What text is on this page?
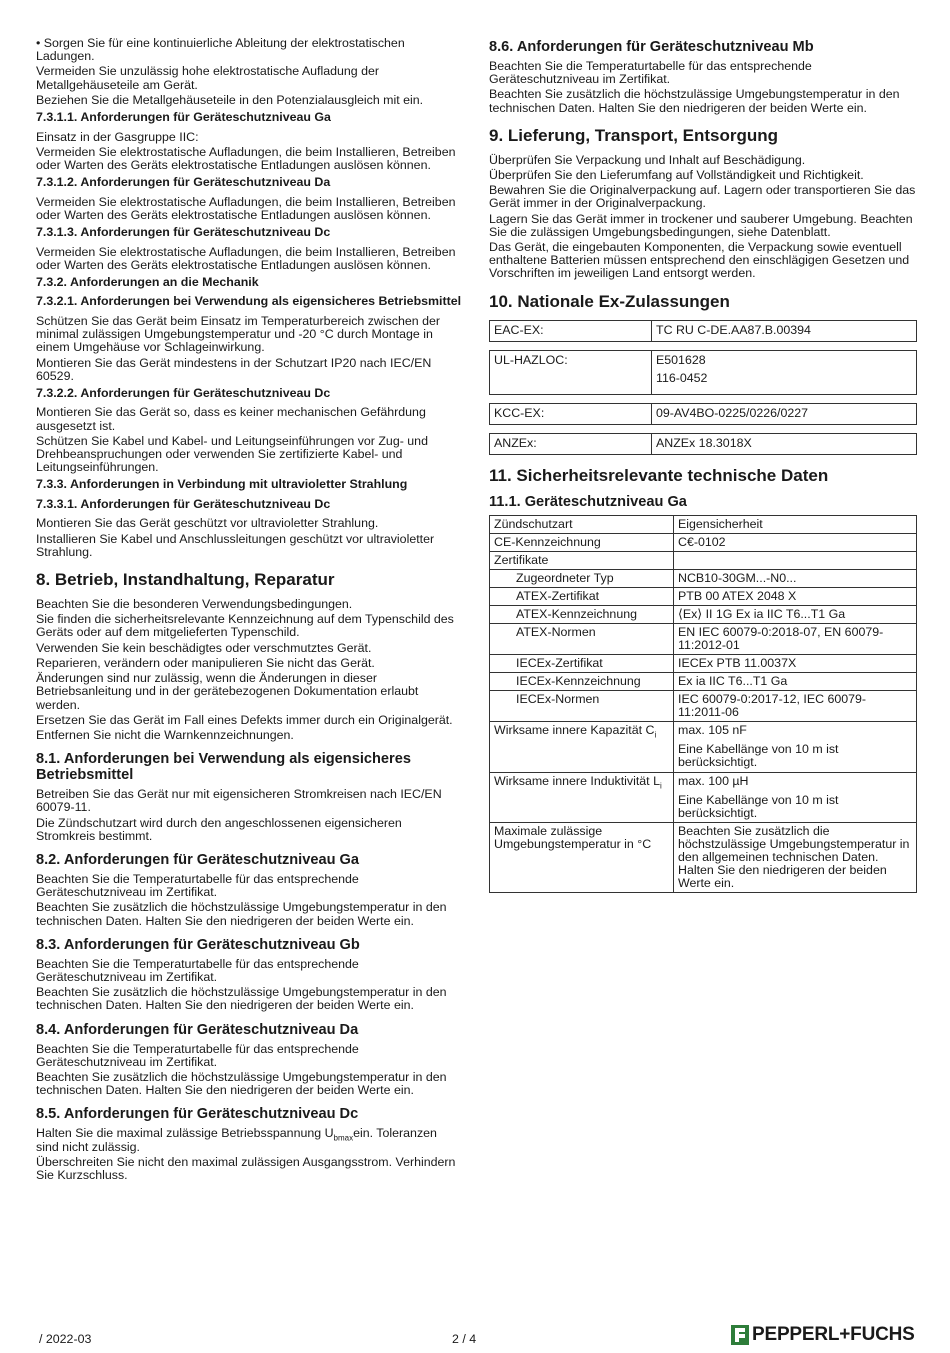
• Sorgen Sie für eine kontinuierliche Ableitung der elektrostatischen Ladungen.

Vermeiden Sie unzulässig hohe elektrostatische Aufladung der Metallgehäuseteile am Gerät.

Beziehen Sie die Metallgehäuseteile in den Potenzialausgleich mit ein.

7.3.1.1. Anforderungen für Geräteschutzniveau Ga

Einsatz in der Gasgruppe IIC:

Vermeiden Sie elektrostatische Aufladungen, die beim Installieren, Betreiben oder Warten des Geräts elektrostatische Entladungen auslösen können.

7.3.1.2. Anforderungen für Geräteschutzniveau Da

Vermeiden Sie elektrostatische Aufladungen, die beim Installieren, Betreiben oder Warten des Geräts elektrostatische Entladungen auslösen können.

7.3.1.3. Anforderungen für Geräteschutzniveau Dc

Vermeiden Sie elektrostatische Aufladungen, die beim Installieren, Betreiben oder Warten des Geräts elektrostatische Entladungen auslösen können.

7.3.2. Anforderungen an die Mechanik
7.3.2.1. Anforderungen bei Verwendung als eigensicheres Betriebsmittel

Schützen Sie das Gerät beim Einsatz im Temperaturbereich zwischen der minimal zulässigen Umgebungstemperatur und -20 °C durch Montage in einem Umgehäuse vor Schlageinwirkung.

Montieren Sie das Gerät mindestens in der Schutzart IP20 nach IEC/EN 60529.

7.3.2.2. Anforderungen für Geräteschutzniveau Dc

Montieren Sie das Gerät so, dass es keiner mechanischen Gefährdung ausgesetzt ist.

Schützen Sie Kabel und Kabel- und Leitungseinführungen vor Zug- und Drehbeanspruchungen oder verwenden Sie zertifizierte Kabel- und Leitungseinführungen.

7.3.3. Anforderungen in Verbindung mit ultravioletter Strahlung
7.3.3.1. Anforderungen für Geräteschutzniveau Dc

Montieren Sie das Gerät geschützt vor ultravioletter Strahlung.

Installieren Sie Kabel und Anschlussleitungen geschützt vor ultravioletter Strahlung.

8. Betrieb, Instandhaltung, Reparatur

Beachten Sie die besonderen Verwendungsbedingungen.

Sie finden die sicherheitsrelevante Kennzeichnung auf dem Typenschild des Geräts oder auf dem mitgelieferten Typenschild.

Verwenden Sie kein beschädigtes oder verschmutztes Gerät.

Reparieren, verändern oder manipulieren Sie nicht das Gerät.

Änderungen sind nur zulässig, wenn die Änderungen in dieser Betriebsanleitung und in der gerätebezogenen Dokumentation erlaubt werden.

Ersetzen Sie das Gerät im Fall eines Defekts immer durch ein Originalgerät.

Entfernen Sie nicht die Warnkennzeichnungen.

8.1. Anforderungen bei Verwendung als eigensicheres Betriebsmittel

Betreiben Sie das Gerät nur mit eigensicheren Stromkreisen nach IEC/EN 60079-11.

Die Zündschutzart wird durch den angeschlossenen eigensicheren Stromkreis bestimmt.

8.2. Anforderungen für Geräteschutzniveau Ga

Beachten Sie die Temperaturtabelle für das entsprechende Geräteschutzniveau im Zertifikat.

Beachten Sie zusätzlich die höchstzulässige Umgebungstemperatur in den technischen Daten. Halten Sie den niedrigeren der beiden Werte ein.

8.3. Anforderungen für Geräteschutzniveau Gb

Beachten Sie die Temperaturtabelle für das entsprechende Geräteschutzniveau im Zertifikat.

Beachten Sie zusätzlich die höchstzulässige Umgebungstemperatur in den technischen Daten. Halten Sie den niedrigeren der beiden Werte ein.

8.4. Anforderungen für Geräteschutzniveau Da

Beachten Sie die Temperaturtabelle für das entsprechende Geräteschutzniveau im Zertifikat.

Beachten Sie zusätzlich die höchstzulässige Umgebungstemperatur in den technischen Daten. Halten Sie den niedrigeren der beiden Werte ein.

8.5. Anforderungen für Geräteschutzniveau Dc

Halten Sie die maximal zulässige Betriebsspannung $U_{bmax}ein$. Toleranzen sind nicht zulässig.

Überschreiten Sie nicht den maximal zulässigen Ausgangsstrom. Verhindern Sie Kurzschluss.

8.6. Anforderungen für Geräteschutzniveau Mb

Beachten Sie die Temperaturtabelle für das entsprechende Geräteschutzniveau im Zertifikat.

Beachten Sie zusätzlich die höchstzulässige Umgebungstemperatur in den technischen Daten. Halten Sie den niedrigeren der beiden Werte ein.

9. Lieferung, Transport, Entsorgung

Überprüfen Sie Verpackung und Inhalt auf Beschädigung.

Überprüfen Sie den Lieferumfang auf Vollständigkeit und Richtigkeit.

Bewahren Sie die Originalverpackung auf. Lagern oder transportieren Sie das Gerät immer in der Originalverpackung.

Lagern Sie das Gerät immer in trockener und sauberer Umgebung. Beachten Sie die zulässigen Umgebungsbedingungen, siehe Datenblatt.

Das Gerät, die eingebauten Komponenten, die Verpackung sowie eventuell enthaltene Batterien müssen entsprechend den einschlägigen Gesetzen und Vorschriften im jeweiligen Land entsorgt werden.

10. Nationale Ex-Zulassungen
EAC-EX:	TC RU C-DE.AA87.B.00394
UL-HAZLOC:	E501628

116-0452

KCC-EX:	09-AV4BO-0225/0226/0227
ANZEx:	ANZEx 18.3018X
11. Sicherheitsrelevante technische Daten
11.1. Geräteschutzniveau Ga
Zündschutzart	Eigensicherheit
CE-Kennzeichnung	C€-0102
Zertifikate	
Zugeordneter Typ	NCB10-30GM...-N0...
ATEX-Zertifikat	PTB 00 ATEX 2048 X
ATEX-Kennzeichnung	⟨Ex⟩ II 1G Ex ia IIC T6...T1 Ga
ATEX-Normen	EN IEC 60079-0:2018-07, EN 60079-11:2012-01
IECEx-Zertifikat	IECEx PTB 11.0037X
IECEx-Kennzeichnung	Ex ia IIC T6...T1 Ga
IECEx-Normen	IEC 60079-0:2017-12, IEC 60079-11:2011-06
Wirksame innere Kapazität $C_i$	max. 105 nF

Eine Kabellänge von 10 m ist berücksichtigt.

Wirksame innere Induktivität $L_i$	max. 100 µH

Eine Kabellänge von 10 m ist berücksichtigt.

Maximale zulässige Umgebungstemperatur in °C	Beachten Sie zusätzlich die höchstzulässige Umgebungstemperatur in den allgemeinen technischen Daten. Halten Sie den niedrigeren der beiden Werte ein.
/ 2022-03	2 / 4	PEPPERL+FUCHS
